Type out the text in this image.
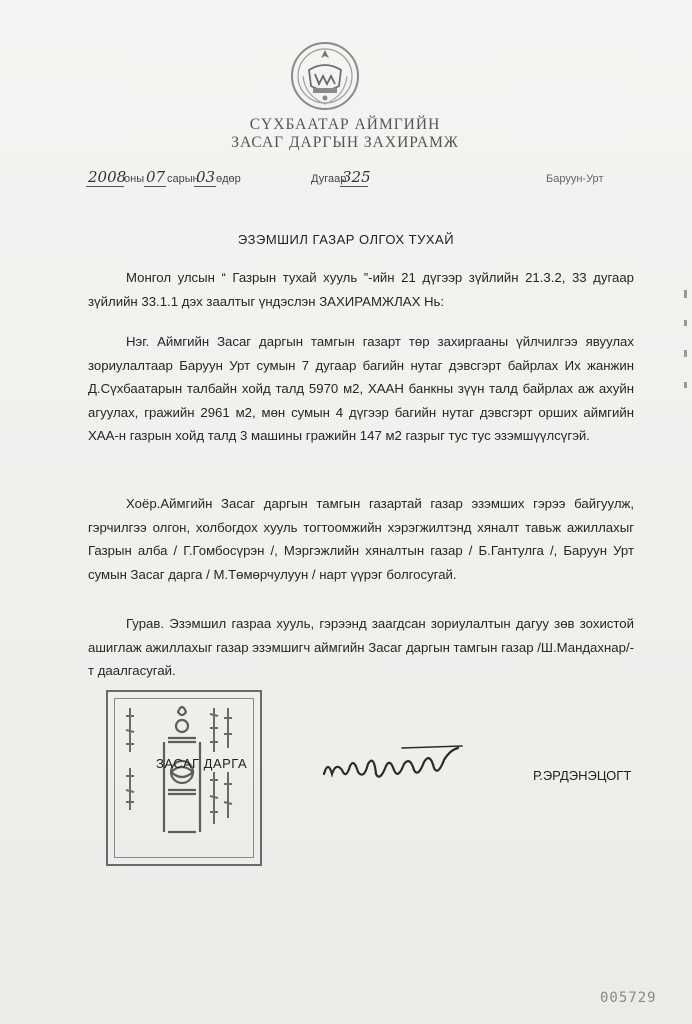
СҮХБААТАР АЙМГИЙН
ЗАСАГ ДАРГЫН ЗАХИРАМЖ
2008
оны 07 сарын
03 өдөр	Дугаар
325	Баруун-Урт
ЭЗЭМШИЛ ГАЗАР ОЛГОХ ТУХАЙ
Монгол улсын “ Газрын тухай хууль ”-ийн 21 дүгээр зүйлийн 21.3.2, 33 дугаар зүйлийн 33.1.1 дэх заалтыг үндэслэн ЗАХИРАМЖЛАХ Нь:
Нэг. Аймгийн Засаг даргын тамгын газарт төр захиргааны үйлчилгээ явуулах зориулалтаар Баруун Урт сумын 7 дугаар багийн нутаг дэвсгэрт байрлах Их жанжин Д.Сүхбаатарын талбайн хойд талд 5970 м2, ХААН банкны зүүн талд байрлах аж ахуйн агуулах, гражийн 2961 м2, мөн сумын 4 дүгээр багийн нутаг дэвсгэрт орших аймгийн ХАА-н газрын хойд талд 3 машины гражийн 147 м2 газрыг тус тус эзэмшүүлсүгэй.
Хоёр.Аймгийн Засаг даргын тамгын газартай газар эзэмших гэрээ байгуулж, гэрчилгээ олгон, холбогдох хууль тогтоомжийн хэрэгжилтэнд хяналт тавьж ажиллахыг Газрын алба / Г.Гомбосүрэн /, Мэргэжлийн хяналтын газар / Б.Гантулга /, Баруун Урт сумын Засаг дарга / М.Төмөрчулуун / нарт үүрэг болгосугай.
Гурав. Эзэмшил газраа хууль, гэрээнд заагдсан зориулалтын дагуу зөв зохистой ашиглаж ажиллахыг газар эзэмшигч аймгийн Засаг даргын тамгын газар /Ш.Мандахнар/-т даалгасугай.
ЗАСАГ ДАРГА
Р.ЭРДЭНЭЦОГТ
005729
